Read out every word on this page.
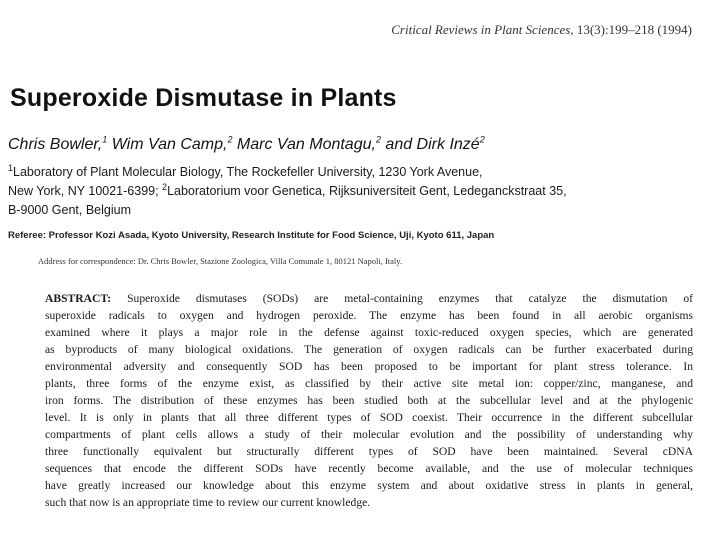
Critical Reviews in Plant Sciences, 13(3):199–218 (1994)
Superoxide Dismutase in Plants
Chris Bowler,$^1$ Wim Van Camp,$^2$ Marc Van Montagu,$^2$ and Dirk Inzé$^2$
$^1$Laboratory of Plant Molecular Biology, The Rockefeller University, 1230 York Avenue,
New York, NY 10021-6399; $^2$Laboratorium voor Genetica, Rijksuniversiteit Gent, Ledeganckstraat 35,
B-9000 Gent, Belgium
Referee: Professor Kozi Asada, Kyoto University, Research Institute for Food Science, Uji, Kyoto 611, Japan
Address for correspondence: Dr. Chris Bowler, Stazione Zoologica, Villa Comunale 1, 80121 Napoli, Italy.
ABSTRACT: Superoxide dismutases (SODs) are metal-containing enzymes that catalyze the dismutation of
superoxide radicals to oxygen and hydrogen peroxide. The enzyme has been found in all aerobic organisms
examined where it plays a major role in the defense against toxic-reduced oxygen species, which are generated
as byproducts of many biological oxidations. The generation of oxygen radicals can be further exacerbated during
environmental adversity and consequently SOD has been proposed to be important for plant stress tolerance. In
plants, three forms of the enzyme exist, as classified by their active site metal ion: copper/zinc, manganese, and
iron forms. The distribution of these enzymes has been studied both at the subcellular level and at the phylogenic
level. It is only in plants that all three different types of SOD coexist. Their occurrence in the different subcellular
compartments of plant cells allows a study of their molecular evolution and the possibility of understanding why
three functionally equivalent but structurally different types of SOD have been maintained. Several cDNA
sequences that encode the different SODs have recently become available, and the use of molecular techniques
have greatly increased our knowledge about this enzyme system and about oxidative stress in plants in general,
such that now is an appropriate time to review our current knowledge.
